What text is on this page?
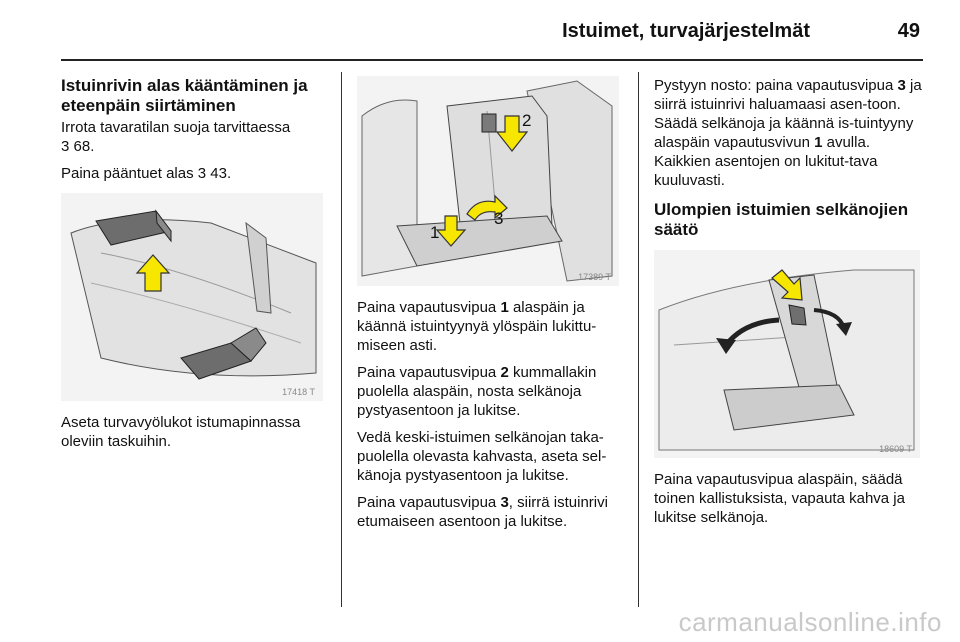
Istuimet, turvajärjestelmät	49
Istuinrivin alas kääntäminen ja eteenpäin siirtäminen

Irrota tavaratilan suoja tarvittaessa
3 68.

Paina pääntuet alas 3 43.

17418 T

Aseta turvavyölukot istumapinnassa oleviin taskuihin.

2
1
3
17389 T

Paina vapautusvipua 1 alaspäin ja käännä istuintyynyä ylöspäin lukittu-miseen asti.

Paina vapautusvipua 2 kummallakin puolella alaspäin, nosta selkänoja pystyasentoon ja lukitse.

Vedä keski-istuimen selkänojan taka-puolella olevasta kahvasta, aseta sel-känoja pystyasentoon ja lukitse.

Paina vapautusvipua 3, siirrä istuinrivi etumaiseen asentoon ja lukitse.

Pystyyn nosto: paina vapautusvipua 3 ja siirrä istuinrivi haluamaasi asen-toon. Säädä selkänoja ja käännä is-tuintyyny alaspäin vapautusvivun 1 avulla. Kaikkien asentojen on lukitut-tava kuuluvasti.

Ulompien istuimien selkänojien säätö
18609 T

Paina vapautusvipua alaspäin, säädä toinen kallistuksista, vapauta kahva ja lukitse selkänoja.

carmanualsonline.info
